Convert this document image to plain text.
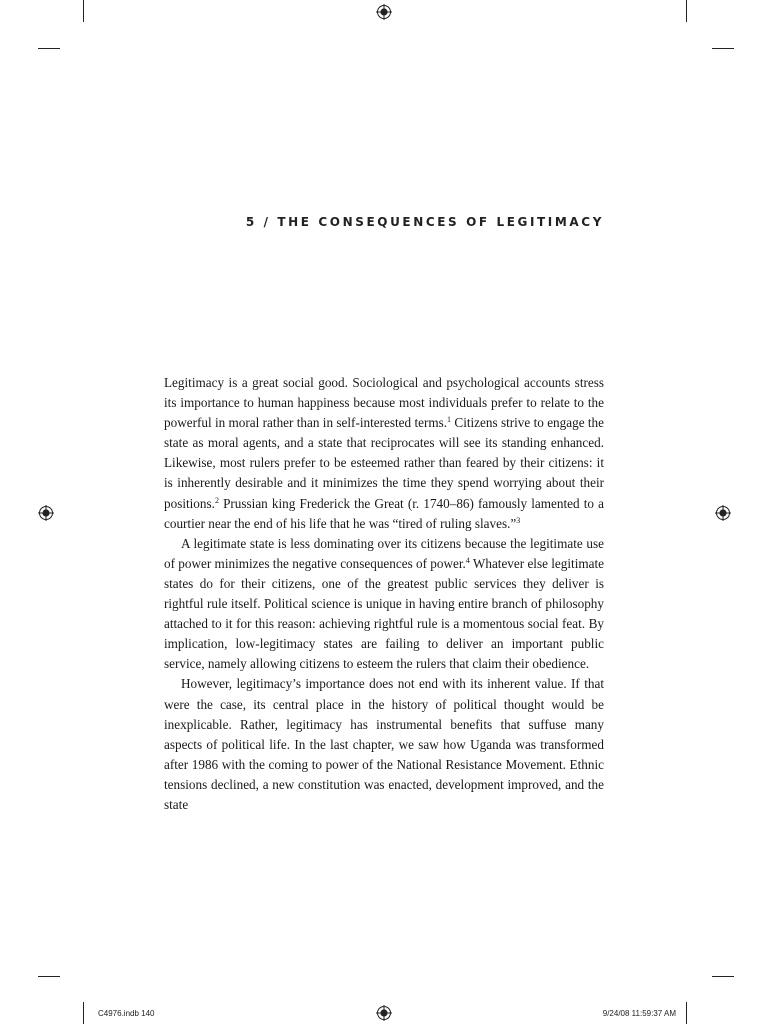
5 / THE CONSEQUENCES OF LEGITIMACY

Legitimacy is a great social good. Sociological and psychological accounts stress its importance to human happiness because most individuals prefer to relate to the powerful in moral rather than in self-interested terms.$^1$ Citizens strive to engage the state as moral agents, and a state that reciprocates will see its standing enhanced. Likewise, most rulers prefer to be esteemed rather than feared by their citizens: it is inherently desirable and it minimizes the time they spend worrying about their positions.$^2$ Prussian king Frederick the Great (r. 1740–86) famously lamented to a courtier near the end of his life that he was “tired of ruling slaves.”$^3$

A legitimate state is less dominating over its citizens because the legitimate use of power minimizes the negative consequences of power.$^4$ Whatever else legitimate states do for their citizens, one of the greatest public services they deliver is rightful rule itself. Political science is unique in having entire branch of philosophy attached to it for this reason: achieving rightful rule is a momentous social feat. By implication, low-legitimacy states are failing to deliver an important public service, namely allowing citizens to esteem the rulers that claim their obedience.

However, legitimacy’s importance does not end with its inherent value. If that were the case, its central place in the history of political thought would be inexplicable. Rather, legitimacy has instrumental benefits that suffuse many aspects of political life. In the last chapter, we saw how Uganda was transformed after 1986 with the coming to power of the National Resistance Movement. Ethnic tensions declined, a new constitution was enacted, development improved, and the state

C4976.indb 140	9/24/08 11:59:37 AM
